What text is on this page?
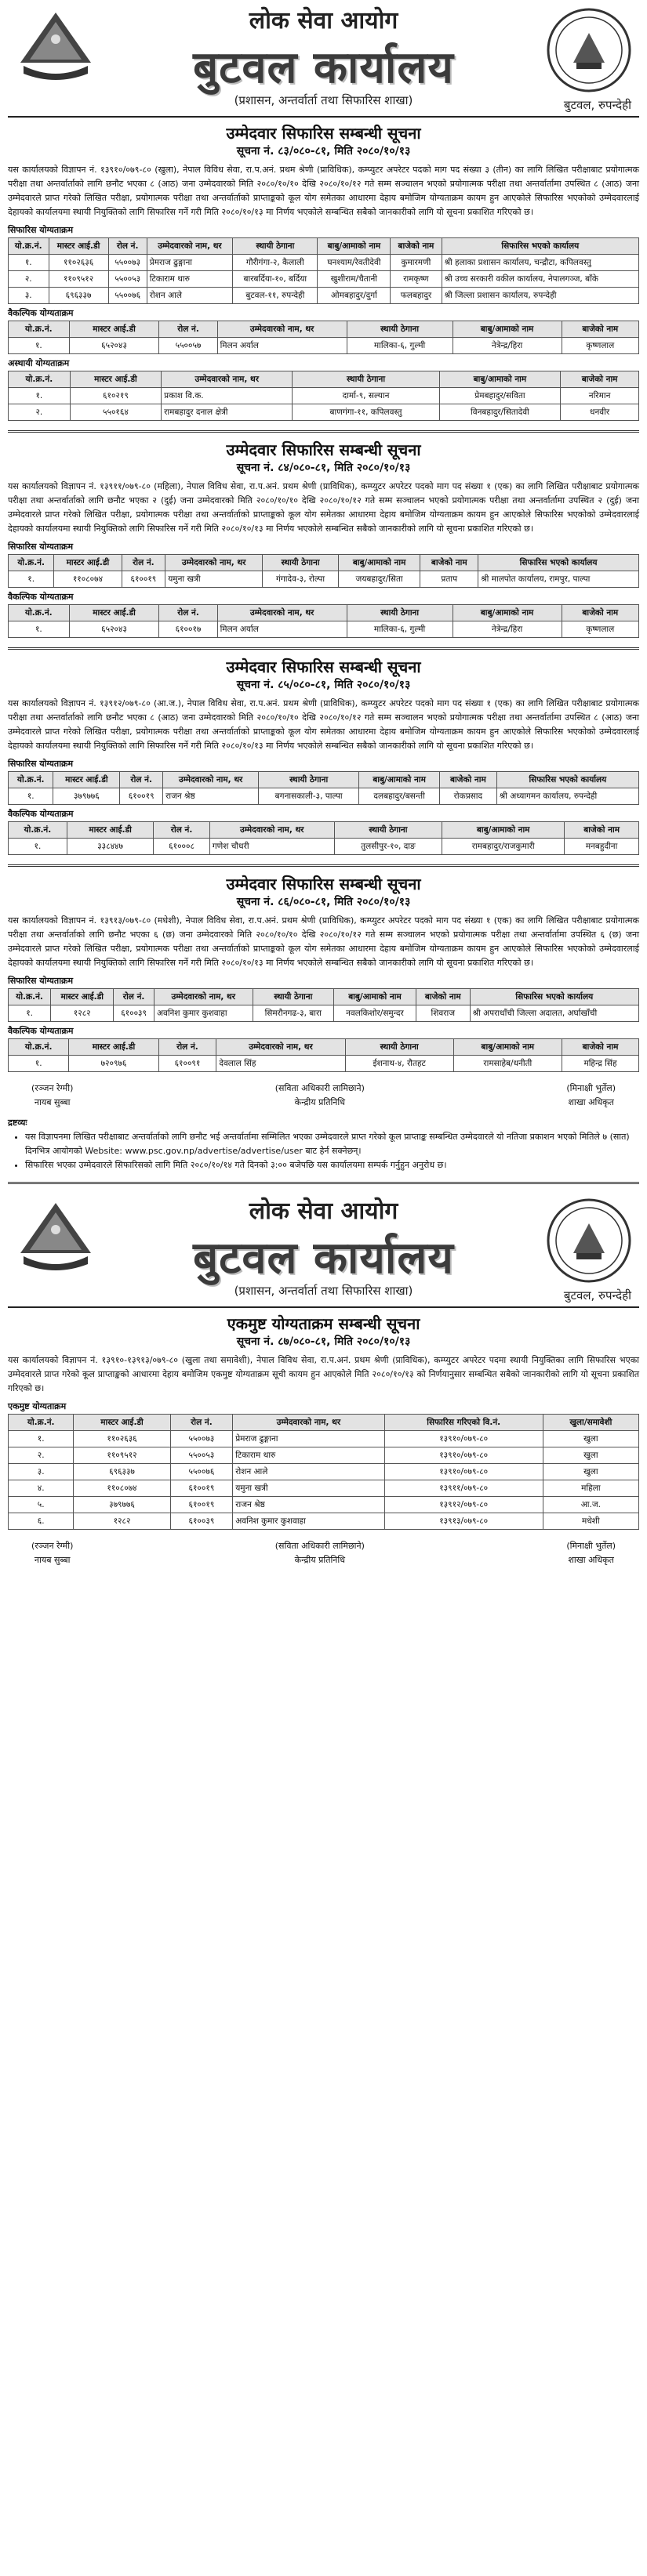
लोक सेवा आयोग
बुटवल कार्यालय
(प्रशासन, अन्तर्वार्ता तथा सिफारिस शाखा)	बुटवल, रुपन्देही
उम्मेदवार सिफारिस सम्बन्धी सूचना
सूचना नं. ८३/०८०-८१, मिति २०८०/१०/१३
यस कार्यालयको विज्ञापन नं. १३९१०/०७९-८० (खुला), नेपाल विविध सेवा, रा.प.अनं. प्रथम श्रेणी (प्राविधिक), कम्प्युटर अपरेटर पदको माग पद संख्या ३ (तीन) का लागि लिखित परीक्षाबाट प्रयोगात्मक परीक्षा तथा अन्तर्वार्ताको लागि छनौट भएका ८ (आठ) जना उम्मेदवारको मिति २०८०/१०/१० देखि २०८०/१०/१२ गते सम्म सञ्चालन भएको प्रयोगात्मक परीक्षा तथा अन्तर्वार्तामा उपस्थित ८ (आठ) जना उम्मेदवारले प्राप्त गरेको लिखित परीक्षा, प्रयोगात्मक परीक्षा तथा अन्तर्वार्ताको प्राप्ताङ्कको कूल योग समेतका आधारमा देहाय बमोजिम योग्यताक्रम कायम हुन आएकोले सिफारिस भएकोको उम्मेदवारलाई देहायको कार्यालयमा स्थायी नियुक्तिको लागि सिफारिस गर्ने गरी मिति २०८०/१०/१३ मा निर्णय भएकोले सम्बन्धित सबैको जानकारीको लागि यो सूचना प्रकाशित गरिएको छ।
सिफारिस योग्यताक्रम
यो.क्र.नं.	मास्टर आई.डी	रोल नं.	उम्मेदवारको नाम, थर	स्थायी ठेगाना	बाबु/आमाको नाम	बाजेको नाम	सिफारिस भएको कार्यालय
१.	११०२६३६	५५००७३	प्रेमराज ढुङ्गाना	गौरीगंगा-२, कैलाली	घनश्याम/रेवतीदेवी	कुमारमणी	श्री हलाका प्रशासन कार्यालय, चन्द्रौटा, कपिलवस्तु
२.	११०९५१२	५५००५३	टिकाराम थारु	बारबर्दिया-१०, बर्दिया	खुशीराम/चैतानी	रामकृष्ण	श्री उच्च सरकारी वकील कार्यालय, नेपालगञ्ज, बाँके
३.	६९६३३७	५५००७६	रोशन आले	बुटवल-११, रुपन्देही	ओमबहादुर/दुर्गा	फलबहादुर	श्री जिल्ला प्रशासन कार्यालय, रुपन्देही
वैकल्पिक योग्यताक्रम
यो.क्र.नं.	मास्टर आई.डी	रोल नं.	उम्मेदवारको नाम, थर	स्थायी ठेगाना	बाबु/आमाको नाम	बाजेको नाम
१.	६५२०४३	५५००५७	मिलन अर्याल	मालिका-६, गुल्मी	नेत्रेन्द्र/हिरा	कृष्णलाल
अस्थायी योग्यताक्रम
यो.क्र.नं.	मास्टर आई.डी	उम्मेदवारको नाम, थर	स्थायी ठेगाना	बाबु/आमाको नाम	बाजेको नाम
१.	६१०२१९	प्रकाश वि.क.	दार्मा-९, सल्यान	प्रेमबहादुर/सविता	नरिमान
२.	५५०१६४	रामबहादुर दनाल क्षेत्री	बाणगंगा-११, कपिलवस्तु	विनबहादुर/सितादेवी	धनवीर
उम्मेदवार सिफारिस सम्बन्धी सूचना
सूचना नं. ८४/०८०-८१, मिति २०८०/१०/१३
यस कार्यालयको विज्ञापन नं. १३९११/०७९-८० (महिला), नेपाल विविध सेवा, रा.प.अनं. प्रथम श्रेणी (प्राविधिक), कम्प्युटर अपरेटर पदको माग पद संख्या १ (एक) का लागि लिखित परीक्षाबाट प्रयोगात्मक परीक्षा तथा अन्तर्वार्ताको लागि छनौट भएका २ (दुई) जना उम्मेदवारको मिति २०८०/१०/१० देखि २०८०/१०/१२ गते सम्म सञ्चालन भएको प्रयोगात्मक परीक्षा तथा अन्तर्वार्तामा उपस्थित २ (दुई) जना उम्मेदवारले प्राप्त गरेको लिखित परीक्षा, प्रयोगात्मक परीक्षा तथा अन्तर्वार्ताको प्राप्ताङ्कको कूल योग समेतका आधारमा देहाय बमोजिम योग्यताक्रम कायम हुन आएकोले सिफारिस भएकोको उम्मेदवारलाई देहायको कार्यालयमा स्थायी नियुक्तिको लागि सिफारिस गर्ने गरी मिति २०८०/१०/१३ मा निर्णय भएकोले सम्बन्धित सबैको जानकारीको लागि यो सूचना प्रकाशित गरिएको छ।
सिफारिस योग्यताक्रम
यो.क्र.नं.	मास्टर आई.डी	रोल नं.	उम्मेदवारको नाम, थर	स्थायी ठेगाना	बाबु/आमाको नाम	बाजेको नाम	सिफारिस भएको कार्यालय
१.	११०८०७४	६१००१९	यमुना खत्री	गंगादेव-३, रोल्पा	जयबहादुर/सिता	प्रताप	श्री मालपोत कार्यालय, रामपुर, पाल्पा
वैकल्पिक योग्यताक्रम
यो.क्र.नं.	मास्टर आई.डी	रोल नं.	उम्मेदवारको नाम, थर	स्थायी ठेगाना	बाबु/आमाको नाम	बाजेको नाम
१.	६५२०४३	६१००१७	मिलन अर्याल	मालिका-६, गुल्मी	नेत्रेन्द्र/हिरा	कृष्णलाल
उम्मेदवार सिफारिस सम्बन्धी सूचना
सूचना नं. ८५/०८०-८१, मिति २०८०/१०/१३
यस कार्यालयको विज्ञापन नं. १३९१२/०७९-८० (आ.ज.), नेपाल विविध सेवा, रा.प.अनं. प्रथम श्रेणी (प्राविधिक), कम्प्युटर अपरेटर पदको माग पद संख्या १ (एक) का लागि लिखित परीक्षाबाट प्रयोगात्मक परीक्षा तथा अन्तर्वार्ताको लागि छनौट भएका ८ (आठ) जना उम्मेदवारको मिति २०८०/१०/१० देखि २०८०/१०/१२ गते सम्म सञ्चालन भएको प्रयोगात्मक परीक्षा तथा अन्तर्वार्तामा उपस्थित ८ (आठ) जना उम्मेदवारले प्राप्त गरेको लिखित परीक्षा, प्रयोगात्मक परीक्षा तथा अन्तर्वार्ताको प्राप्ताङ्कको कूल योग समेतका आधारमा देहाय बमोजिम योग्यताक्रम कायम हुन आएकोले सिफारिस भएकोको उम्मेदवारलाई देहायको कार्यालयमा स्थायी नियुक्तिको लागि सिफारिस गर्ने गरी मिति २०८०/१०/१३ मा निर्णय भएकोले सम्बन्धित सबैको जानकारीको लागि यो सूचना प्रकाशित गरिएको छ।
सिफारिस योग्यताक्रम
यो.क्र.नं.	मास्टर आई.डी	रोल नं.	उम्मेदवारको नाम, थर	स्थायी ठेगाना	बाबु/आमाको नाम	बाजेको नाम	सिफारिस भएको कार्यालय
१.	३७९७७६	६१००१९	राजन श्रेष्ठ	बगनासकाली-३, पाल्पा	दलबहादुर/बसन्ती	रोकप्रसाद	श्री अध्यागमन कार्यालय, रुपन्देही
वैकल्पिक योग्यताक्रम
यो.क्र.नं.	मास्टर आई.डी	रोल नं.	उम्मेदवारको नाम, थर	स्थायी ठेगाना	बाबु/आमाको नाम	बाजेको नाम
१.	३३८४४७	६१०००८	गणेश चौधरी	तुलसीपुर-१०, दाङ	रामबहादुर/राजकुमारी	मनबहुदीना
उम्मेदवार सिफारिस सम्बन्धी सूचना
सूचना नं. ८६/०८०-८१, मिति २०८०/१०/१३
यस कार्यालयको विज्ञापन नं. १३९१३/०७९-८० (मधेशी), नेपाल विविध सेवा, रा.प.अनं. प्रथम श्रेणी (प्राविधिक), कम्प्युटर अपरेटर पदको माग पद संख्या १ (एक) का लागि लिखित परीक्षाबाट प्रयोगात्मक परीक्षा तथा अन्तर्वार्ताको लागि छनौट भएका ६ (छ) जना उम्मेदवारको मिति २०८०/१०/१० देखि २०८०/१०/१२ गते सम्म सञ्चालन भएको प्रयोगात्मक परीक्षा तथा अन्तर्वार्तामा उपस्थित ६ (छ) जना उम्मेदवारले प्राप्त गरेको लिखित परीक्षा, प्रयोगात्मक परीक्षा तथा अन्तर्वार्ताको प्राप्ताङ्कको कूल योग समेतका आधारमा देहाय बमोजिम योग्यताक्रम कायम हुन आएकोले सिफारिस भएकोको उम्मेदवारलाई देहायको कार्यालयमा स्थायी नियुक्तिको लागि सिफारिस गर्ने गरी मिति २०८०/१०/१३ मा निर्णय भएकोले सम्बन्धित सबैको जानकारीको लागि यो सूचना प्रकाशित गरिएको छ।
सिफारिस योग्यताक्रम
यो.क्र.नं.	मास्टर आई.डी	रोल नं.	उम्मेदवारको नाम, थर	स्थायी ठेगाना	बाबु/आमाको नाम	बाजेको नाम	सिफारिस भएको कार्यालय
१.	१२८२	६१००३९	अवनिश कुमार कुशवाहा	सिमरौनगढ-३, बारा	नवलकिशोर/समुन्दर	शिवराज	श्री अपराधाँची जिल्ला अदालत, अर्घाखाँची
वैकल्पिक योग्यताक्रम
यो.क्र.नं.	मास्टर आई.डी	रोल नं.	उम्मेदवारको नाम, थर	स्थायी ठेगाना	बाबु/आमाको नाम	बाजेको नाम
१.	७२०९७६	६१००९१	देवलाल सिंह	ईशनाथ-४, रौतहट	रामसाहेब/धनीती	महिन्द्र सिंह
(रञ्जन रेग्मी)
नायब सुब्बा
(सविता अधिकारी लामिछाने)
केन्द्रीय प्रतिनिधि
(मिनाक्षी भुर्तेल)
शाखा अधिकृत
द्रष्टव्यः
• यस विज्ञापनमा लिखित परीक्षाबाट अन्तर्वार्ताको लागि छनौट भई अन्तर्वार्तामा सम्मिलित भएका उम्मेदवारले प्राप्त गरेको कूल प्राप्ताङ्क सम्बन्धित उम्मेदवारले यो नतिजा प्रकाशन भएको मितिले ७ (सात) दिनभित्र आयोगको Website: www.psc.gov.np/advertise/advertise/user बाट हेर्न सक्नेछन्।
• सिफारिस भएका उम्मेदवारले सिफारिसको लागि मिति २०८०/१०/१४ गते दिनको ३:०० बजेपछि यस कार्यालयमा सम्पर्क गर्नुहुन अनुरोध छ।
लोक सेवा आयोग
बुटवल कार्यालय
(प्रशासन, अन्तर्वार्ता तथा सिफारिस शाखा)	बुटवल, रुपन्देही
एकमुष्ट योग्यताक्रम सम्बन्धी सूचना
सूचना नं. ८७/०८०-८१, मिति २०८०/१०/१३
यस कार्यालयको विज्ञापन नं. १३९१०-१३९१३/०७९-८० (खुला तथा समावेशी), नेपाल विविध सेवा, रा.प.अनं. प्रथम श्रेणी (प्राविधिक), कम्प्युटर अपरेटर पदमा स्थायी नियुक्तिका लागि सिफारिस भएका उम्मेदवारले प्राप्त गरेको कूल प्राप्ताङ्कको आधारमा देहाय बमोजिम एकमुष्ट योग्यताक्रम सूची कायम हुन आएकोले मिति २०८०/१०/१३ को निर्णयानुसार सम्बन्धित सबैको जानकारीको लागि यो सूचना प्रकाशित गरिएको छ।
एकमुष्ट योग्यताक्रम
यो.क्र.नं.	मास्टर आई.डी	रोल नं.	उम्मेदवारको नाम, थर	सिफारिस गरिएको वि.नं.	खुला/समावेशी
१.	११०२६३६	५५००७३	प्रेमराज ढुङ्गाना	१३९१०/०७९-८०	खुला
२.	११०९५१२	५५००५३	टिकाराम थारु	१३९१०/०७९-८०	खुला
३.	६९६३३७	५५००७६	रोशन आले	१३९१०/०७९-८०	खुला
४.	११०८०७४	६१००१९	यमुना खत्री	१३९११/०७९-८०	महिला
५.	३७९७७६	६१००१९	राजन श्रेष्ठ	१३९१२/०७९-८०	आ.ज.
६.	१२८२	६१००३९	अवनिश कुमार कुशवाहा	१३९१३/०७९-८०	मधेशी
(रञ्जन रेग्मी)
नायब सुब्बा
(सविता अधिकारी लामिछाने)
केन्द्रीय प्रतिनिधि
(मिनाक्षी भुर्तेल)
शाखा अधिकृत
